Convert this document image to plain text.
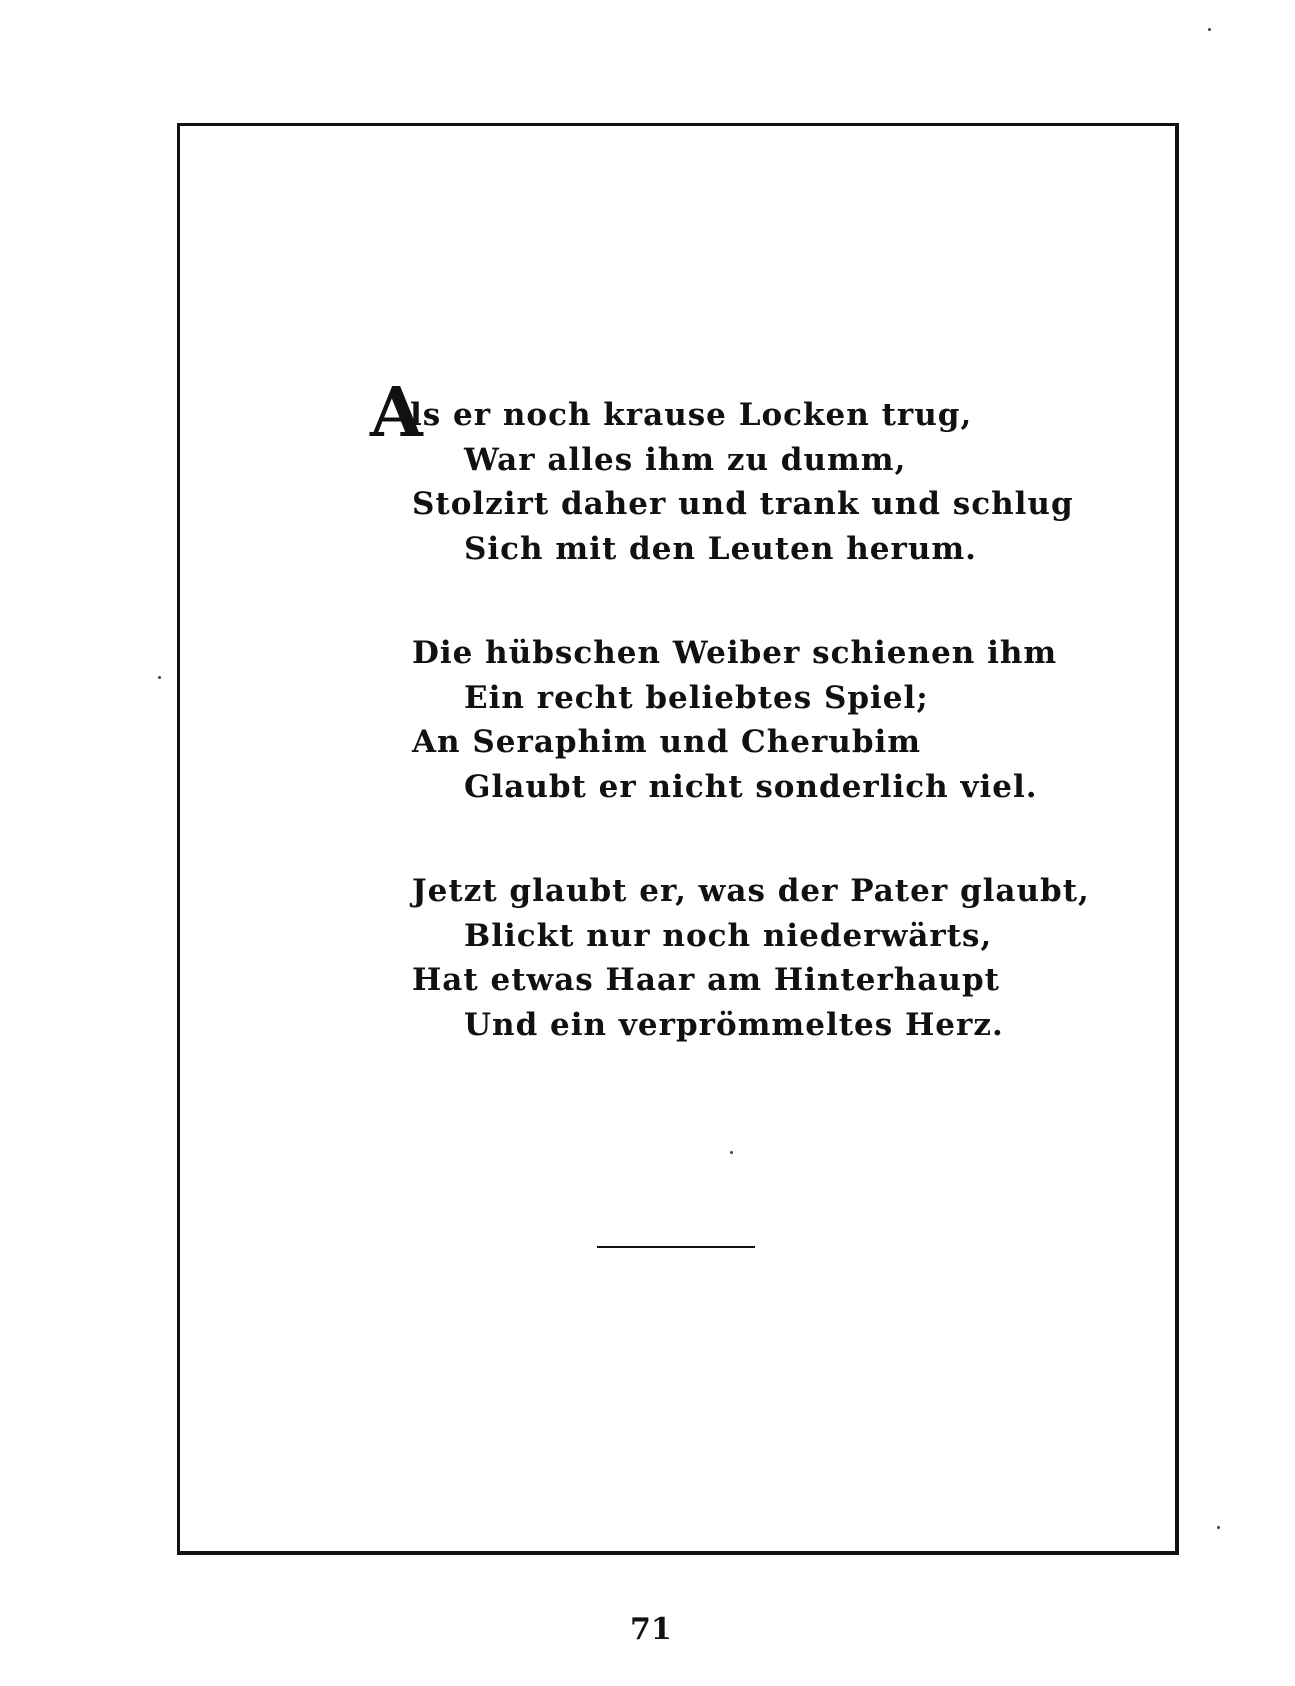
A
ls er noch krause Locken trug,
War alles ihm zu dumm,
Stolzirt daher und trank und schlug
Sich mit den Leuten herum.
Die hübschen Weiber schienen ihm
Ein recht beliebtes Spiel;
An Seraphim und Cherubim
Glaubt er nicht sonderlich viel.
Jetzt glaubt er, was der Pater glaubt,
Blickt nur noch niederwärts,
Hat etwas Haar am Hinterhaupt
Und ein verprömmeltes Herz.
71
